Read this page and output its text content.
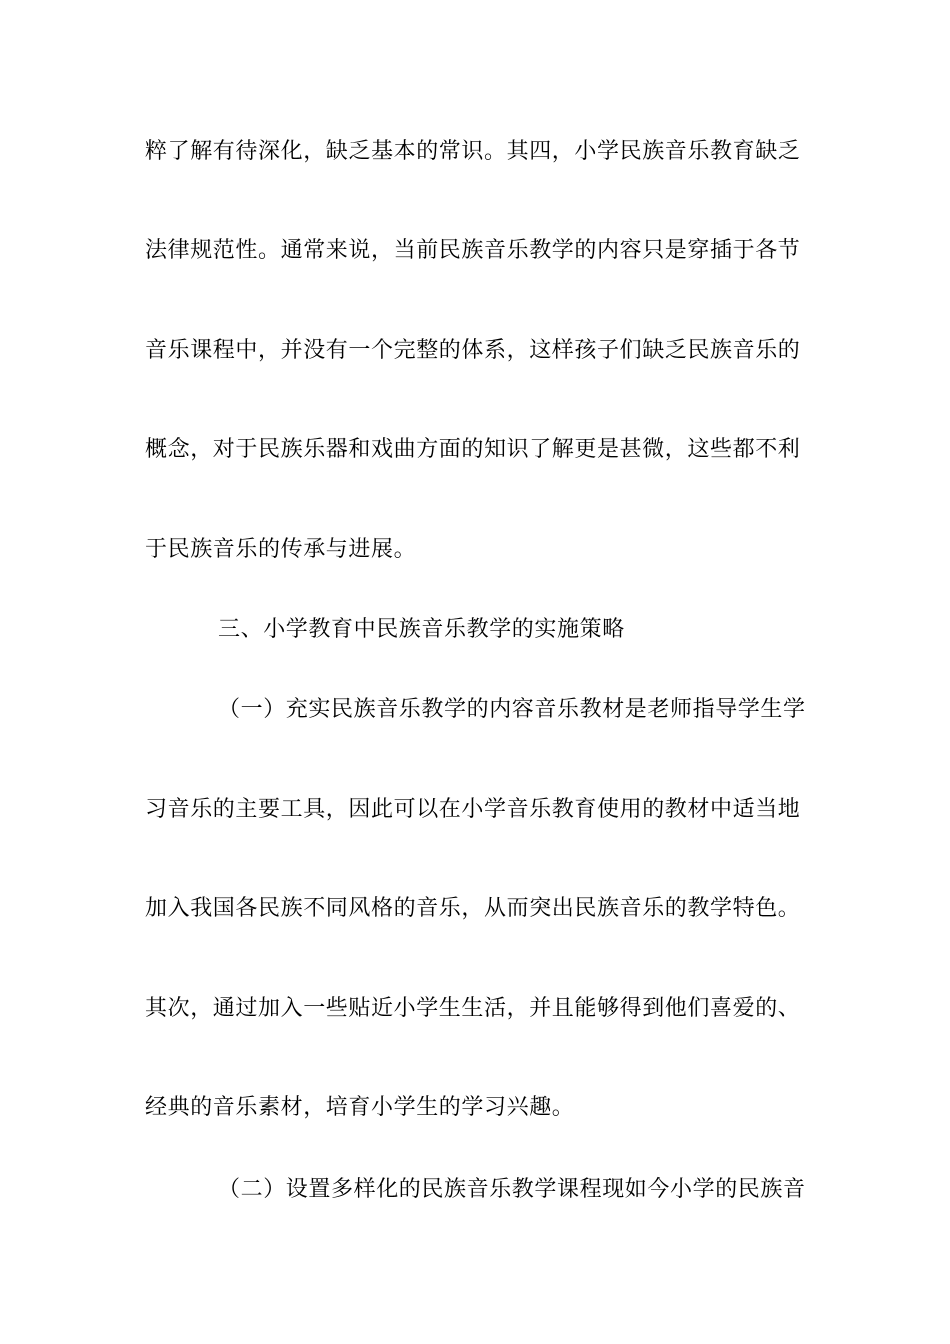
粹了解有待深化，缺乏基本的常识。其四，小学民族音乐教育缺乏
法律规范性。通常来说，当前民族音乐教学的内容只是穿插于各节
音乐课程中，并没有一个完整的体系，这样孩子们缺乏民族音乐的
概念，对于民族乐器和戏曲方面的知识了解更是甚微，这些都不利
于民族音乐的传承与进展。
三、小学教育中民族音乐教学的实施策略
（一）充实民族音乐教学的内容音乐教材是老师指导学生学
习音乐的主要工具，因此可以在小学音乐教育使用的教材中适当地
加入我国各民族不同风格的音乐，从而突出民族音乐的教学特色。
其次，通过加入一些贴近小学生生活，并且能够得到他们喜爱的、
经典的音乐素材，培育小学生的学习兴趣。
（二）设置多样化的民族音乐教学课程现如今小学的民族音
